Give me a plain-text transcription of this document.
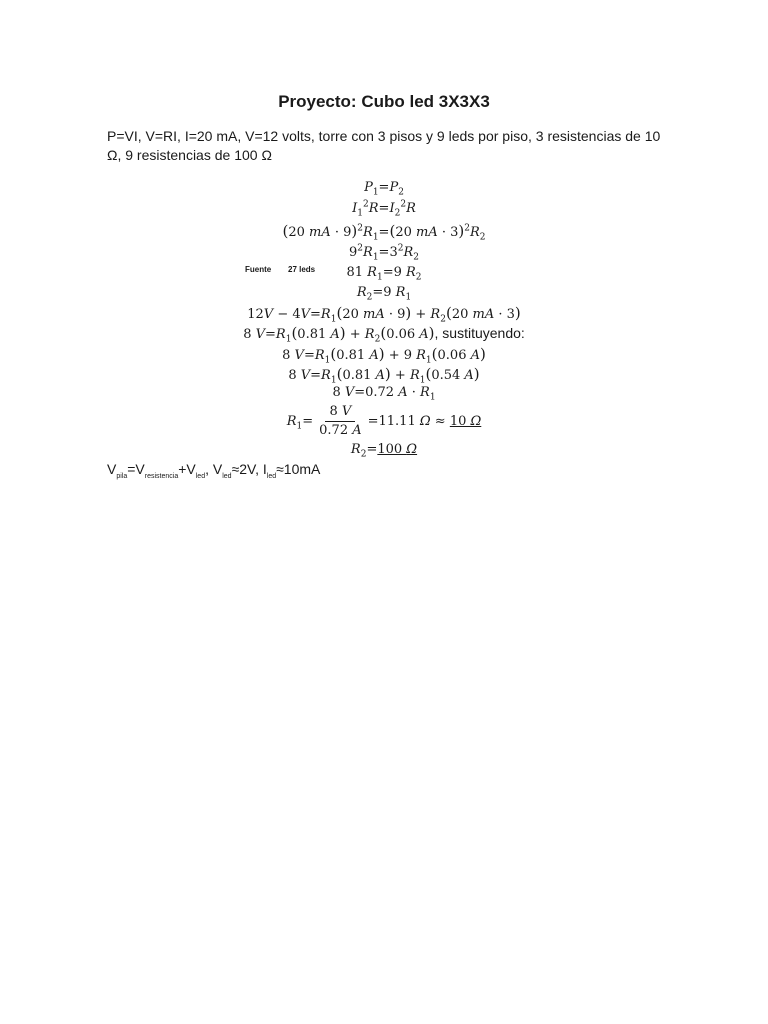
Proyecto: Cubo led 3X3X3
P=VI, V=RI, I=20 mA, V=12 volts, torre con 3 pisos y 9 leds por piso, 3 resistencias de 10 Ω, 9 resistencias de 100 Ω
Fuente 27 leds
$P_1=P_2$
$I_1^2R=I_2^2R$
(20 mA · $9)^2R_1=(20$ mA · $3)^2R_2$
$9^2R_1=3^2R_2$
81 $R_1=9$ $R_2$
$R_2=9$ $R_1$
$12V - 4V=R_1(20$ mA · $9) + R_2(20$ mA · 3)
8 $V=R_1(0.81$ $A) + R_2(0.06$ A), sustituyendo:
8 $V=R_1(0.81$ A) + 9 $R_1(0.06$ A)
8 $V=R_1(0.81$ $A) + R_1(0.54$ A)
8 V=0.72 $A \cdot R_1$
$R_1= \frac{8 V}{0.72 A} =11.11$ Ω ≈ 10 Ω
$R_2=100$ Ω
$V_{pila}=V_{resistencia}+V_{led}$, $V_{led}\approx 2V$, $I_{led}\approx 10mA$
